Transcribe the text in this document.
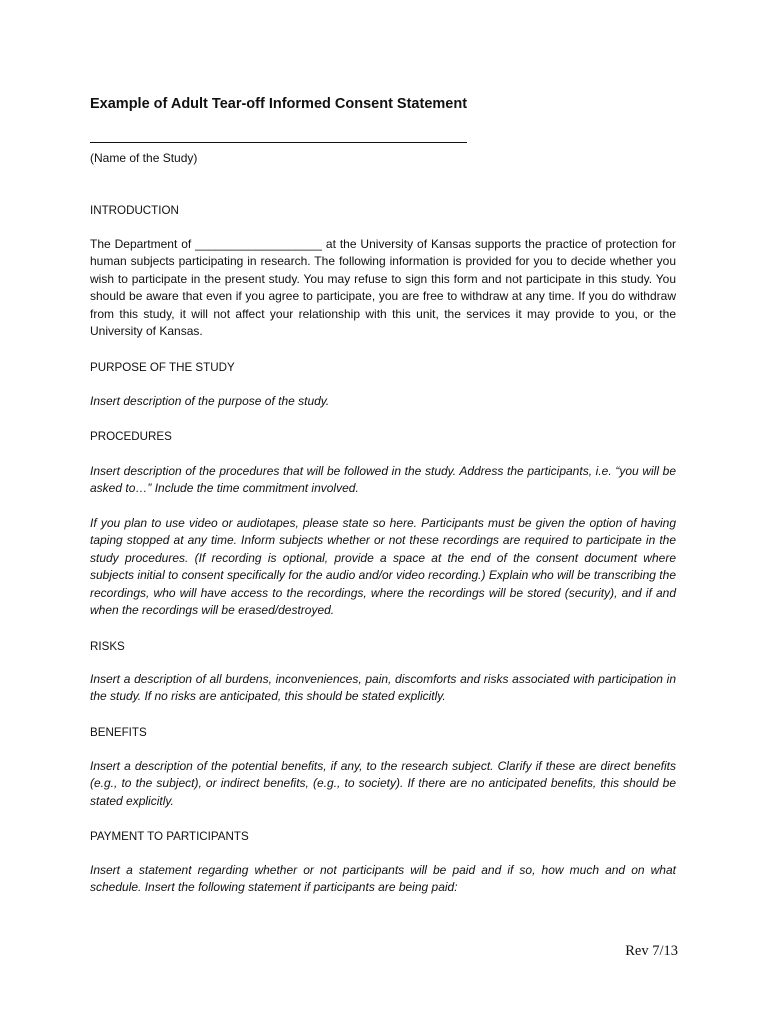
Example of Adult Tear-off Informed Consent Statement
(Name of the Study)
INTRODUCTION
The Department of ___________________ at the University of Kansas supports the practice of protection for human subjects participating in research. The following information is provided for you to decide whether you wish to participate in the present study. You may refuse to sign this form and not participate in this study. You should be aware that even if you agree to participate, you are free to withdraw at any time. If you do withdraw from this study, it will not affect your relationship with this unit, the services it may provide to you, or the University of Kansas.
PURPOSE OF THE STUDY
Insert description of the purpose of the study.
PROCEDURES
Insert description of the procedures that will be followed in the study. Address the participants, i.e. “you will be asked to…” Include the time commitment involved.
If you plan to use video or audiotapes, please state so here. Participants must be given the option of having taping stopped at any time. Inform subjects whether or not these recordings are required to participate in the study procedures. (If recording is optional, provide a space at the end of the consent document where subjects initial to consent specifically for the audio and/or video recording.) Explain who will be transcribing the recordings, who will have access to the recordings, where the recordings will be stored (security), and if and when the recordings will be erased/destroyed.
RISKS
Insert a description of all burdens, inconveniences, pain, discomforts and risks associated with participation in the study. If no risks are anticipated, this should be stated explicitly.
BENEFITS
Insert a description of the potential benefits, if any, to the research subject. Clarify if these are direct benefits (e.g., to the subject), or indirect benefits, (e.g., to society). If there are no anticipated benefits, this should be stated explicitly.
PAYMENT TO PARTICIPANTS
Insert a statement regarding whether or not participants will be paid and if so, how much and on what schedule. Insert the following statement if participants are being paid:
Rev 7/13
